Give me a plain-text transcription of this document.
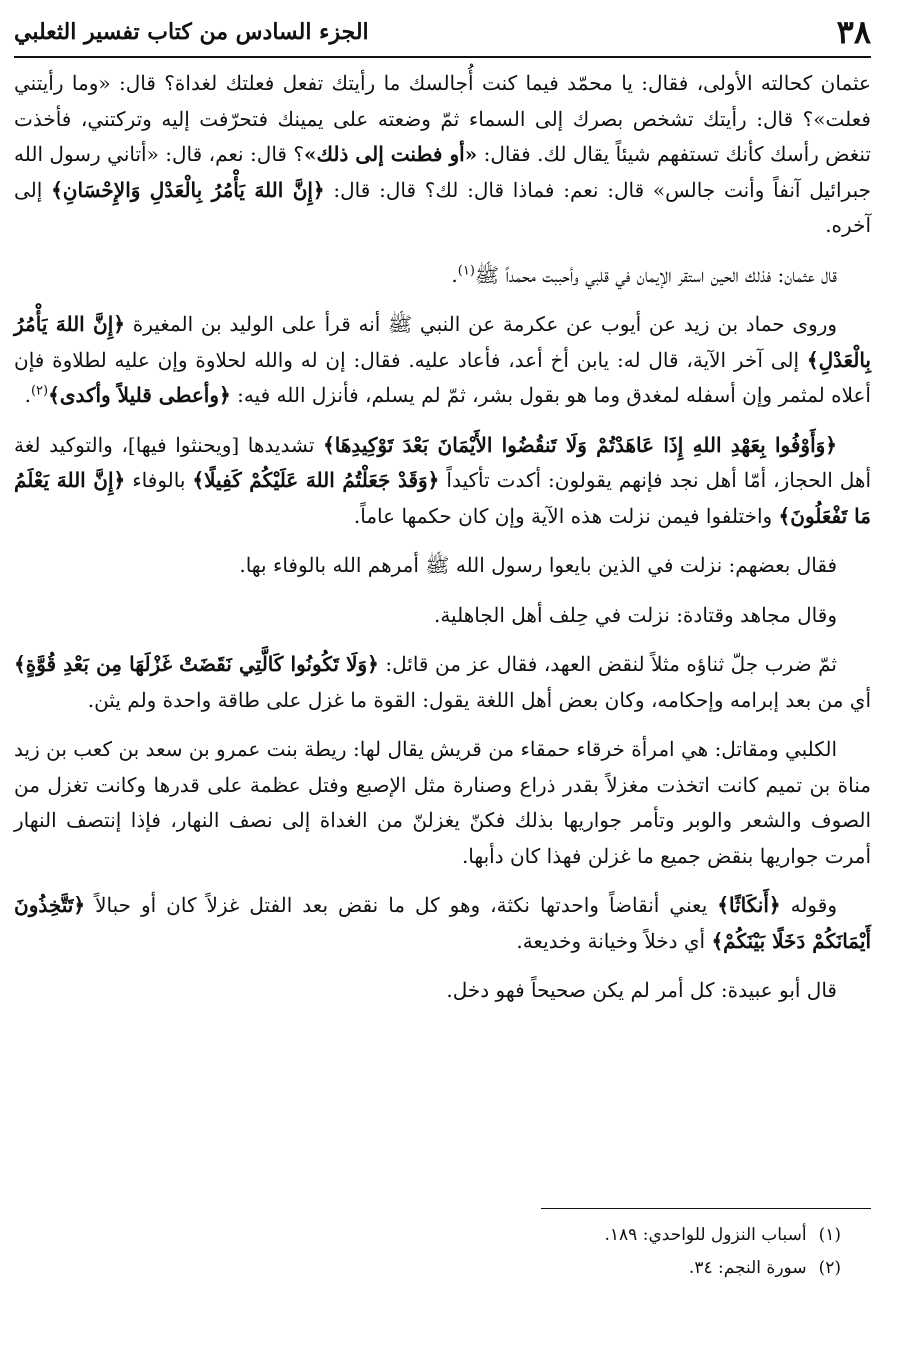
٣٨
الجزء السادس من كتاب تفسير الثعلبي

عثمان كحالته الأولى، فقال: يا محمّد فيما كنت أُجالسك ما رأيتك تفعل فعلتك لغداة؟ قال: «وما رأيتني فعلت»؟ قال: رأيتك تشخص بصرك إلى السماء ثمّ وضعته على يمينك فتحرّفت إليه وتركتني، فأخذت تنغض رأسك كأنك تستفهم شيئاً يقال لك. فقال: «أو فطنت إلى ذلك»؟ قال: نعم، قال: «أتاني رسول الله جبرائيل آنفاً وأنت جالس» قال: نعم: فماذا قال: لك؟ قال: قال: ﴿إِنَّ اللهَ يَأْمُرُ بِالْعَدْلِ وَالإِحْسَانِ﴾ إلى آخره.

قال عثمان: فذلك الحين استقر الإيمان في قلبي وأحببت محمداً ﷺ$^{(١)}$.

وروى حماد بن زيد عن أيوب عن عكرمة عن النبي ﷺ أنه قرأ على الوليد بن المغيرة ﴿إِنَّ اللهَ يَأْمُرُ بِالْعَدْلِ﴾ إلى آخر الآية، قال له: يابن أخ أعد، فأعاد عليه. فقال: إن له والله لحلاوة وإن عليه لطلاوة فإن أعلاه لمثمر وإن أسفله لمغدق وما هو بقول بشر، ثمّ لم يسلم، فأنزل الله فيه: ﴿وأعطى قليلاً وأكدى﴾$^{(٢)}$.

﴿وَأَوْفُوا بِعَهْدِ اللهِ إِذَا عَاهَدْتُمْ وَلَا تَنقُضُوا الأَيْمَانَ بَعْدَ تَوْكِيدِهَا﴾ تشديدها [ويحنثوا فيها]، والتوكيد لغة أهل الحجاز، أمّا أهل نجد فإنهم يقولون: أكدت تأكيداً ﴿وَقَدْ جَعَلْتُمُ اللهَ عَلَيْكُمْ كَفِيلًا﴾ بالوفاء ﴿إِنَّ اللهَ يَعْلَمُ مَا تَفْعَلُونَ﴾ واختلفوا فيمن نزلت هذه الآية وإن كان حكمها عاماً.

فقال بعضهم: نزلت في الذين بايعوا رسول الله ﷺ أمرهم الله بالوفاء بها.

وقال مجاهد وقتادة: نزلت في حِلف أهل الجاهلية.

ثمّ ضرب جلّ ثناؤه مثلاً لنقض العهد، فقال عز من قائل: ﴿وَلَا تَكُونُوا كَالَّتِي نَقَضَتْ غَزْلَهَا مِن بَعْدِ قُوَّةٍ﴾ أي من بعد إبرامه وإحكامه، وكان بعض أهل اللغة يقول: القوة ما غزل على طاقة واحدة ولم يثن.

الكلبي ومقاتل: هي امرأة خرقاء حمقاء من قريش يقال لها: ريطة بنت عمرو بن سعد بن كعب بن زيد مناة بن تميم كانت اتخذت مغزلاً بقدر ذراع وصنارة مثل الإصبع وفتل عظمة على قدرها وكانت تغزل من الصوف والشعر والوبر وتأمر جواريها بذلك فكنّ يغزلنّ من الغداة إلى نصف النهار، فإذا إنتصف النهار أمرت جواريها بنقض جميع ما غزلن فهذا كان دأبها.

وقوله ﴿أَنكَاثًا﴾ يعني أنقاضاً واحدتها نكثة، وهو كل ما نقض بعد الفتل غزلاً كان أو حبالاً ﴿تَتَّخِذُونَ أَيْمَانَكُمْ دَخَلًا بَيْنَكُمْ﴾ أي دخلاً وخيانة وخديعة.

قال أبو عبيدة: كل أمر لم يكن صحيحاً فهو دخل.

(١)أسباب النزول للواحدي: ١٨٩.
(٢)سورة النجم: ٣٤.
